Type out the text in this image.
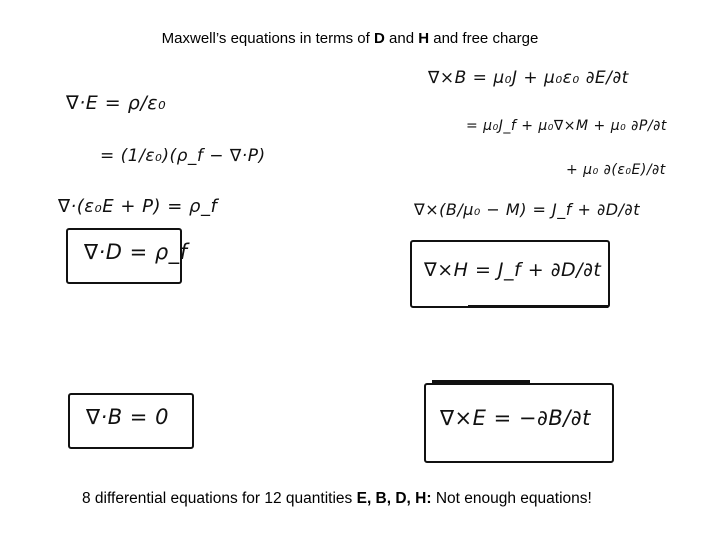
Maxwell’s equations in terms of D and H and free charge
∇·E = ρ/ε₀
= (1/ε₀)(ρ_f − ∇·P)
∇·(ε₀E + P) = ρ_f
∇·D = ρ_f
∇·B = 0
∇×B = μ₀J + μ₀ε₀ ∂E/∂t
= μ₀J_f + μ₀∇×M + μ₀ ∂P/∂t
+ μ₀ ∂(ε₀E)/∂t
∇×(B/μ₀ − M) = J_f + ∂D/∂t
∇×H = J_f + ∂D/∂t
∇×E = −∂B/∂t
8 differential equations for 12 quantities E, B, D, H: Not enough equations!
